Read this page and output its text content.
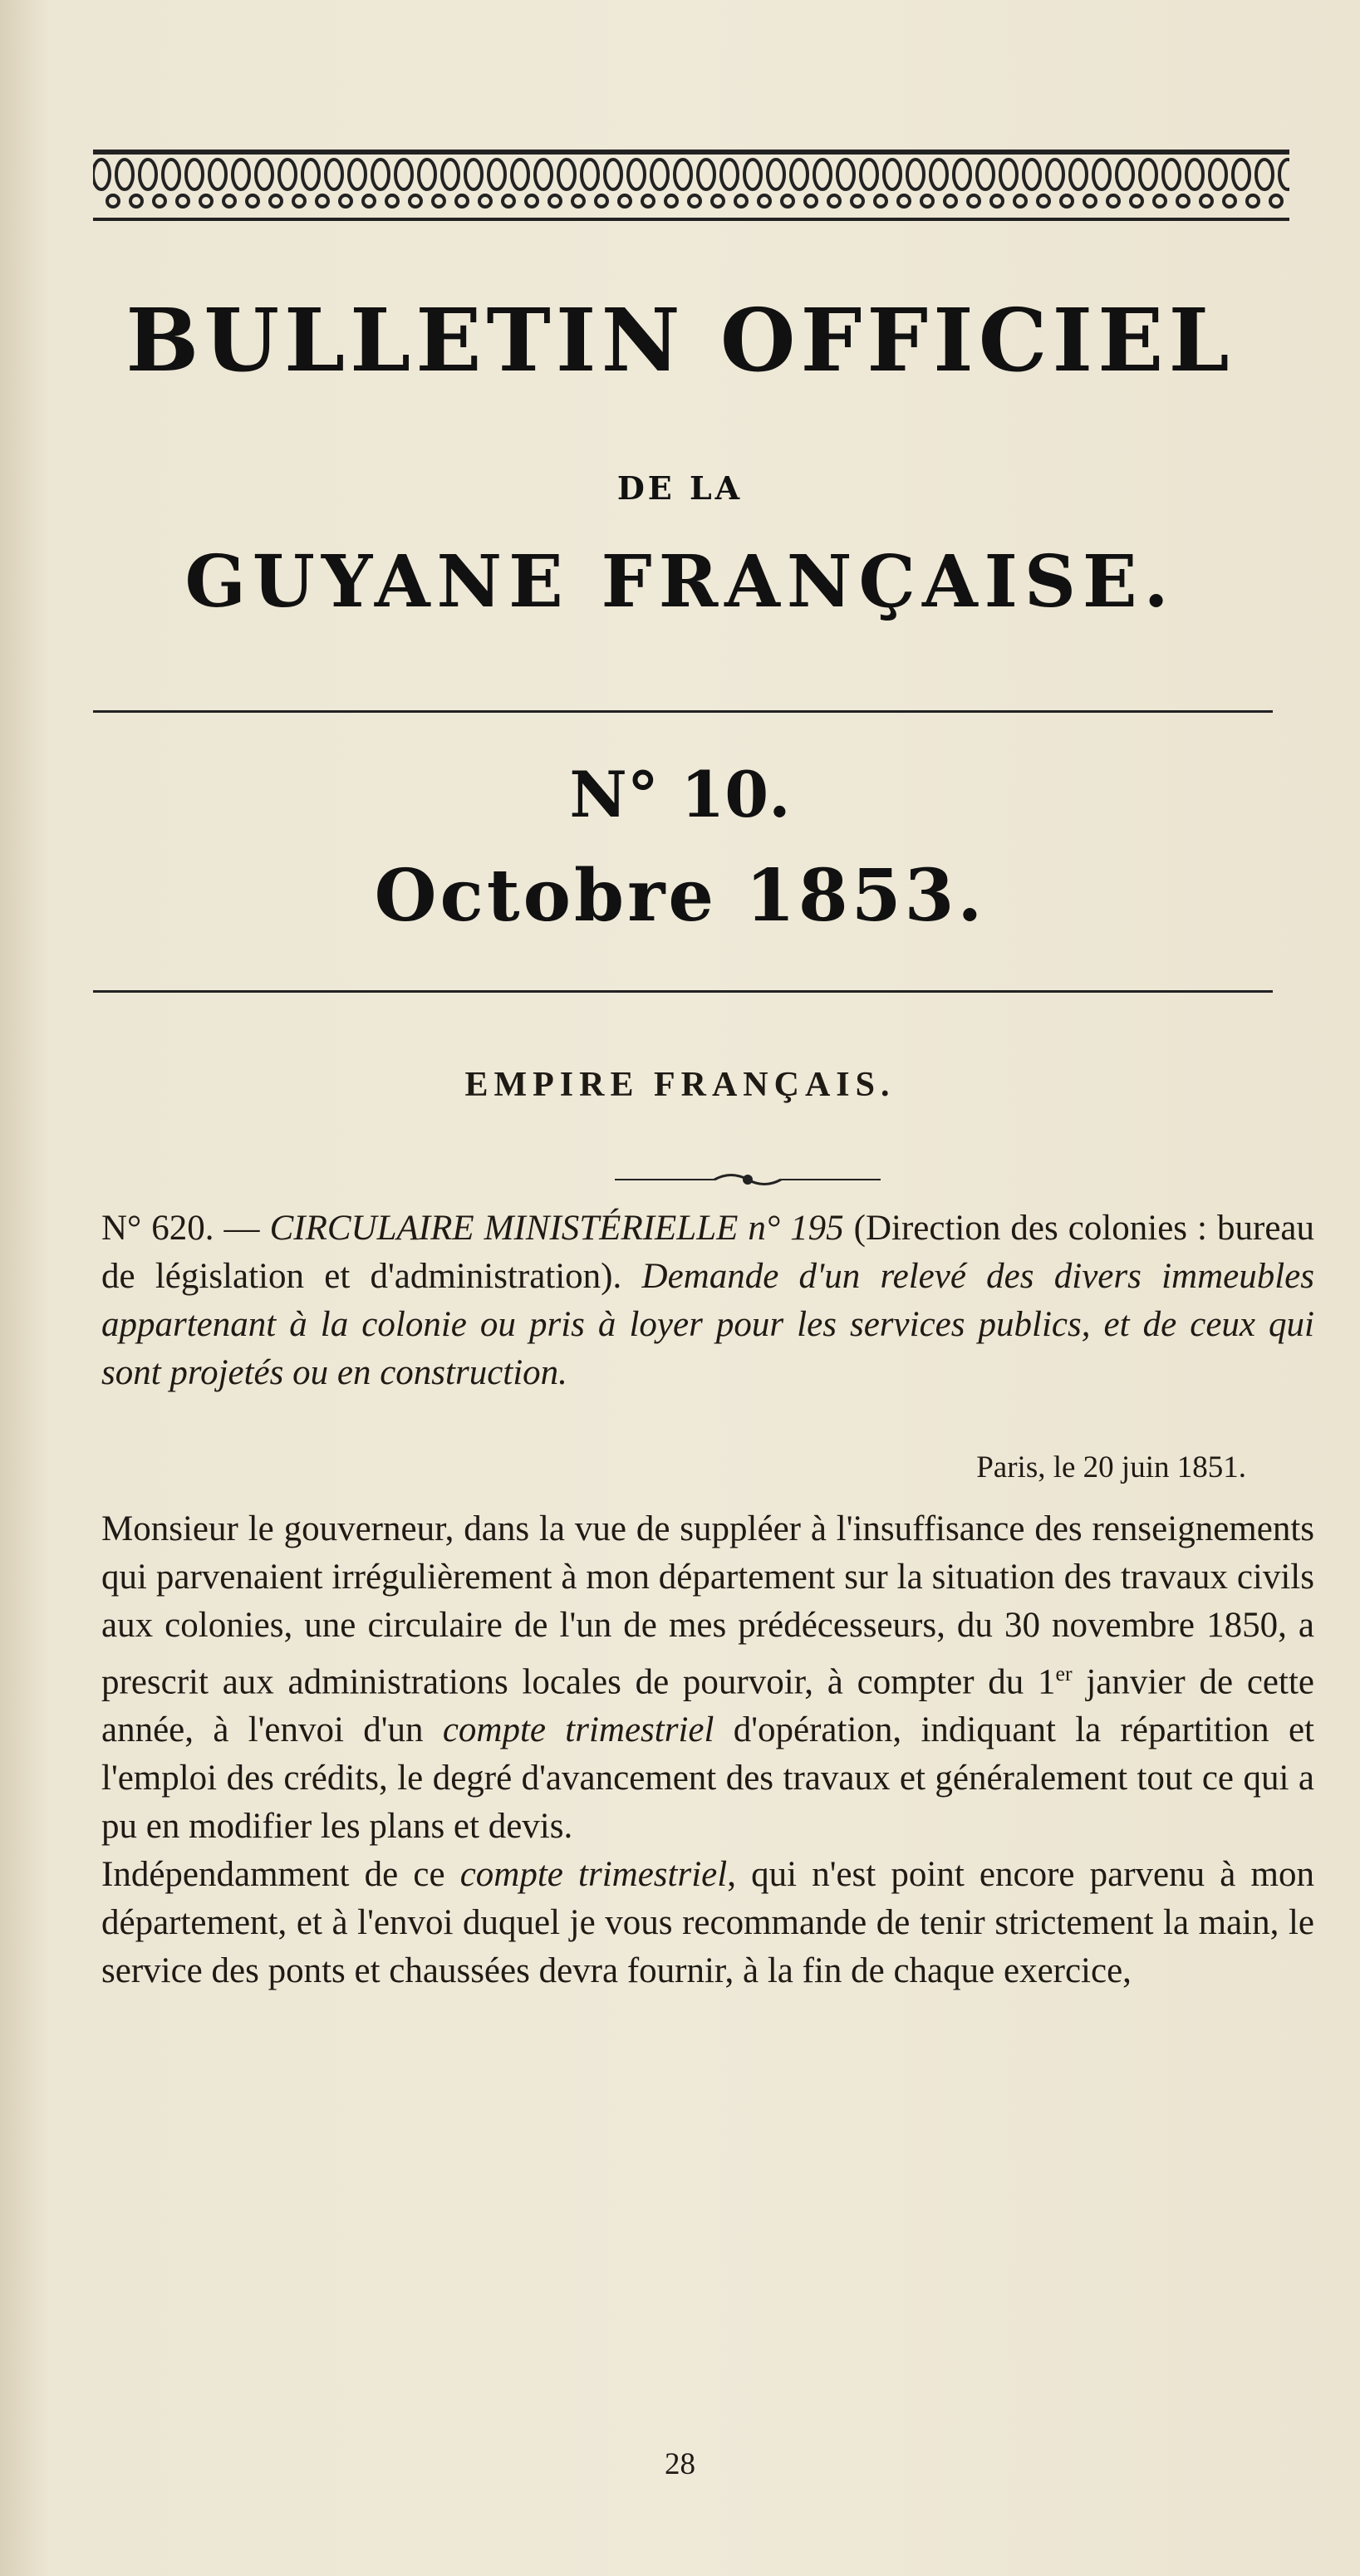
BULLETIN OFFICIEL
DE LA
GUYANE FRANÇAISE.
N° 10.
Octobre 1853.
EMPIRE FRANÇAIS.
N° 620. — CIRCULAIRE MINISTÉRIELLE n° 195 (Direction des colonies : bureau de législation et d'administration). Demande d'un relevé des divers immeubles appartenant à la colonie ou pris à loyer pour les services publics, et de ceux qui sont projetés ou en construction.
Paris, le 20 juin 1851.

Monsieur le gouverneur, dans la vue de suppléer à l'insuffisance des renseignements qui parvenaient irrégulièrement à mon département sur la situation des travaux civils aux colonies, une circulaire de l'un de mes prédécesseurs, du 30 novembre 1850, a prescrit aux administrations locales de pourvoir, à compter du 1er janvier de cette année, à l'envoi d'un compte trimestriel d'opération, indiquant la répartition et l'emploi des crédits, le degré d'avancement des travaux et généralement tout ce qui a pu en modifier les plans et devis.

Indépendamment de ce compte trimestriel, qui n'est point encore parvenu à mon département, et à l'envoi duquel je vous recommande de tenir strictement la main, le service des ponts et chaussées devra fournir, à la fin de chaque exercice,

28
